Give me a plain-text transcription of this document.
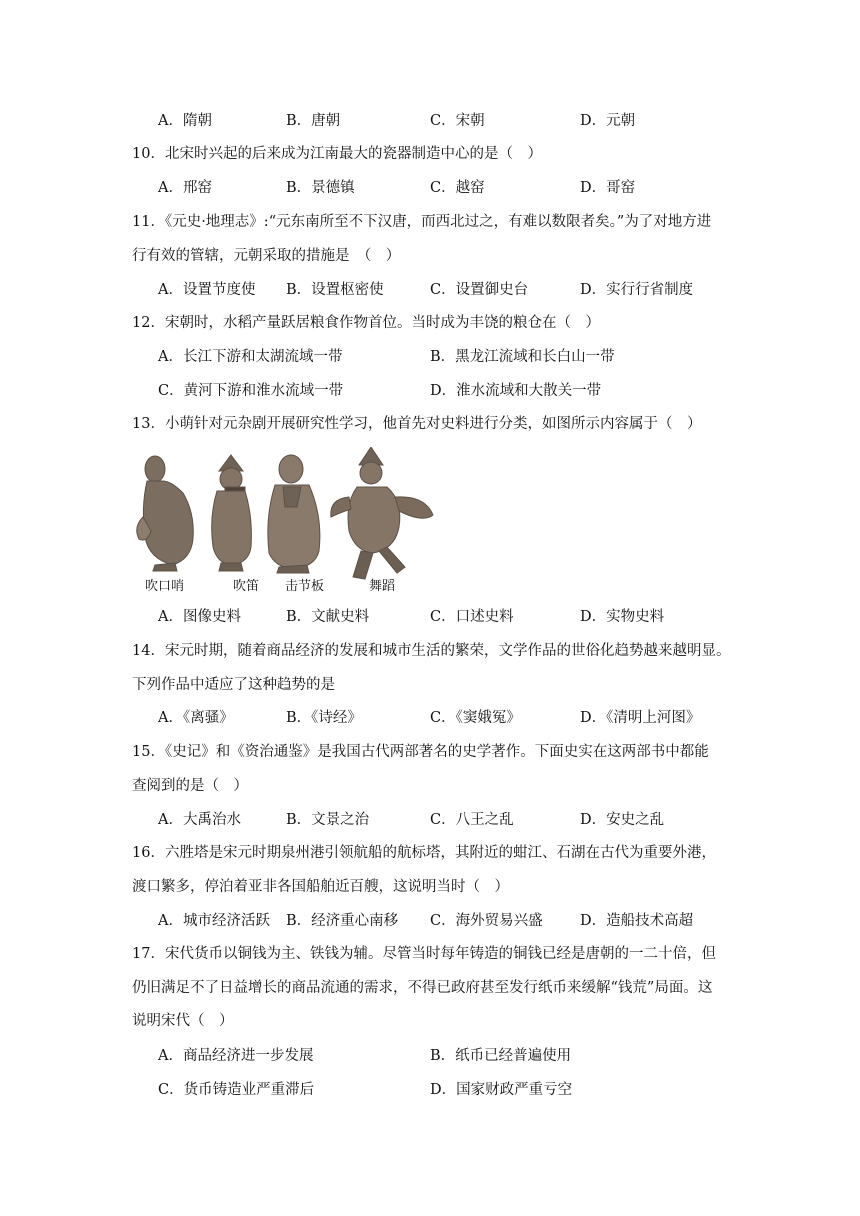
A．隋朝	B．唐朝	C．宋朝	D．元朝
10．北宋时兴起的后来成为江南最大的瓷器制造中心的是（　）
A．邢窑	B．景德镇	C．越窑	D．哥窑
11．《元史·地理志》:“元东南所至不下汉唐，而西北过之，有难以数限者矣。”为了对地方进
行有效的管辖，元朝采取的措施是　（　）
A．设置节度使 B．设置枢密使	C．设置御史台	D．实行行省制度
12．宋朝时，水稻产量跃居粮食作物首位。当时成为丰饶的粮仓在（　）
A．长江下游和太湖流域一带	B．黑龙江流域和长白山一带
C．黄河下游和淮水流域一带	D．淮水流域和大散关一带
13．小萌针对元杂剧开展研究性学习，他首先对史料进行分类，如图所示内容属于（　）
吹口哨	吹笛 击节板	舞蹈
A．图像史料	B．文献史料	C．口述史料	D．实物史料
14．宋元时期，随着商品经济的发展和城市生活的繁荣，文学作品的世俗化趋势越来越明显。
下列作品中适应了这种趋势的是
A．《离骚》	B．《诗经》	C．《窦娥冤》	D．《清明上河图》
15．《史记》和《资治通鉴》是我国古代两部著名的史学著作。下面史实在这两部书中都能
查阅到的是（　）
A．大禹治水	B．文景之治	C．八王之乱	D．安史之乱
16．六胜塔是宋元时期泉州港引领航船的航标塔，其附近的蚶江、石湖在古代为重要外港，
渡口繁多，停泊着亚非各国船舶近百艘，这说明当时（　）
A．城市经济活跃 B．经济重心南移 C．海外贸易兴盛	D．造船技术高超
17．宋代货币以铜钱为主、铁钱为辅。尽管当时每年铸造的铜钱已经是唐朝的一二十倍，但
仍旧满足不了日益增长的商品流通的需求，不得已政府甚至发行纸币来缓解“钱荒”局面。这
说明宋代（　）
A．商品经济进一步发展	B．纸币已经普遍使用
C．货币铸造业严重滞后	D．国家财政严重亏空
